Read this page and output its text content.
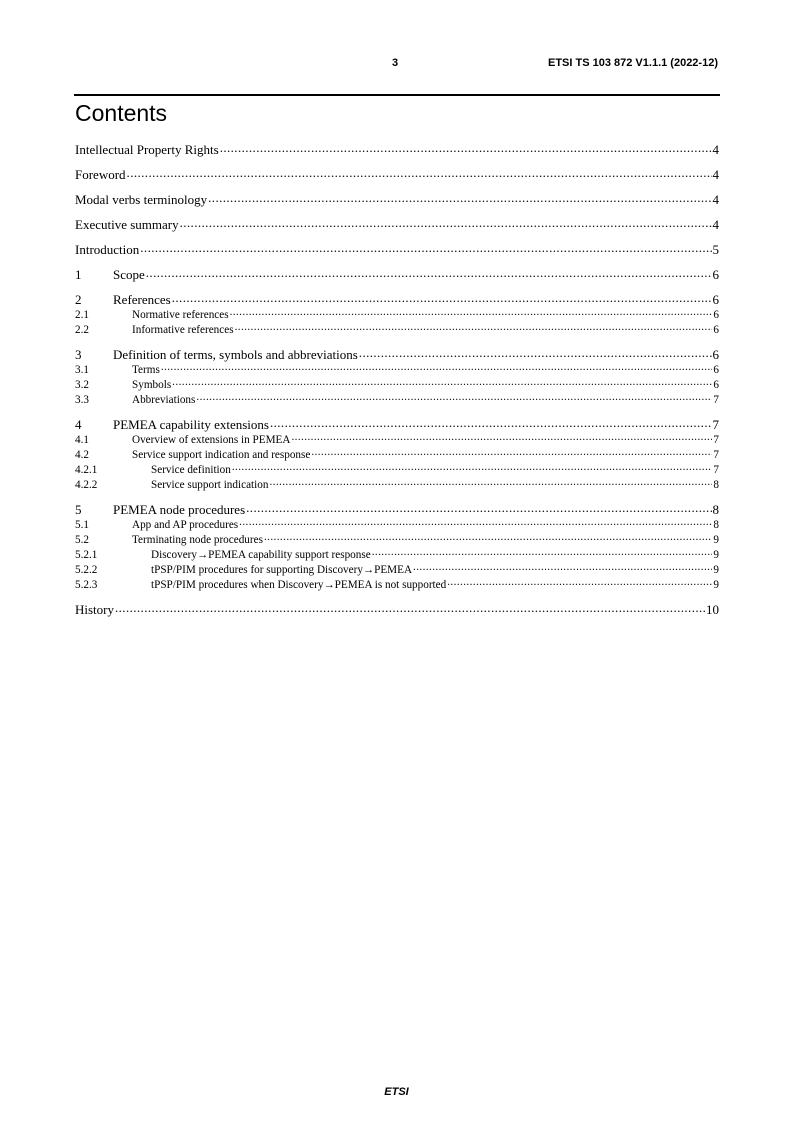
3	ETSI TS 103 872 V1.1.1 (2022-12)
Contents
Intellectual Property Rights .....	4
Foreword .....	4
Modal verbs terminology .....	4
Executive summary .....	4
Introduction .....	5
1	Scope .....	6
2	References .....	6
2.1	Normative references .....	6
2.2	Informative references .....	6
3	Definition of terms, symbols and abbreviations .....	6
3.1	Terms .....	6
3.2	Symbols .....	6
3.3	Abbreviations .....	7
4	PEMEA capability extensions .....	7
4.1	Overview of extensions in PEMEA .....	7
4.2	Service support indication and response .....	7
4.2.1	Service definition .....	7
4.2.2	Service support indication .....	8
5	PEMEA node procedures .....	8
5.1	App and AP procedures .....	8
5.2	Terminating node procedures .....	9
5.2.1	Discovery→PEMEA capability support response .....	9
5.2.2	tPSP/PIM procedures for supporting Discovery→PEMEA .....	9
5.2.3	tPSP/PIM procedures when Discovery→PEMEA is not supported .....	9
History .....	10
ETSI
